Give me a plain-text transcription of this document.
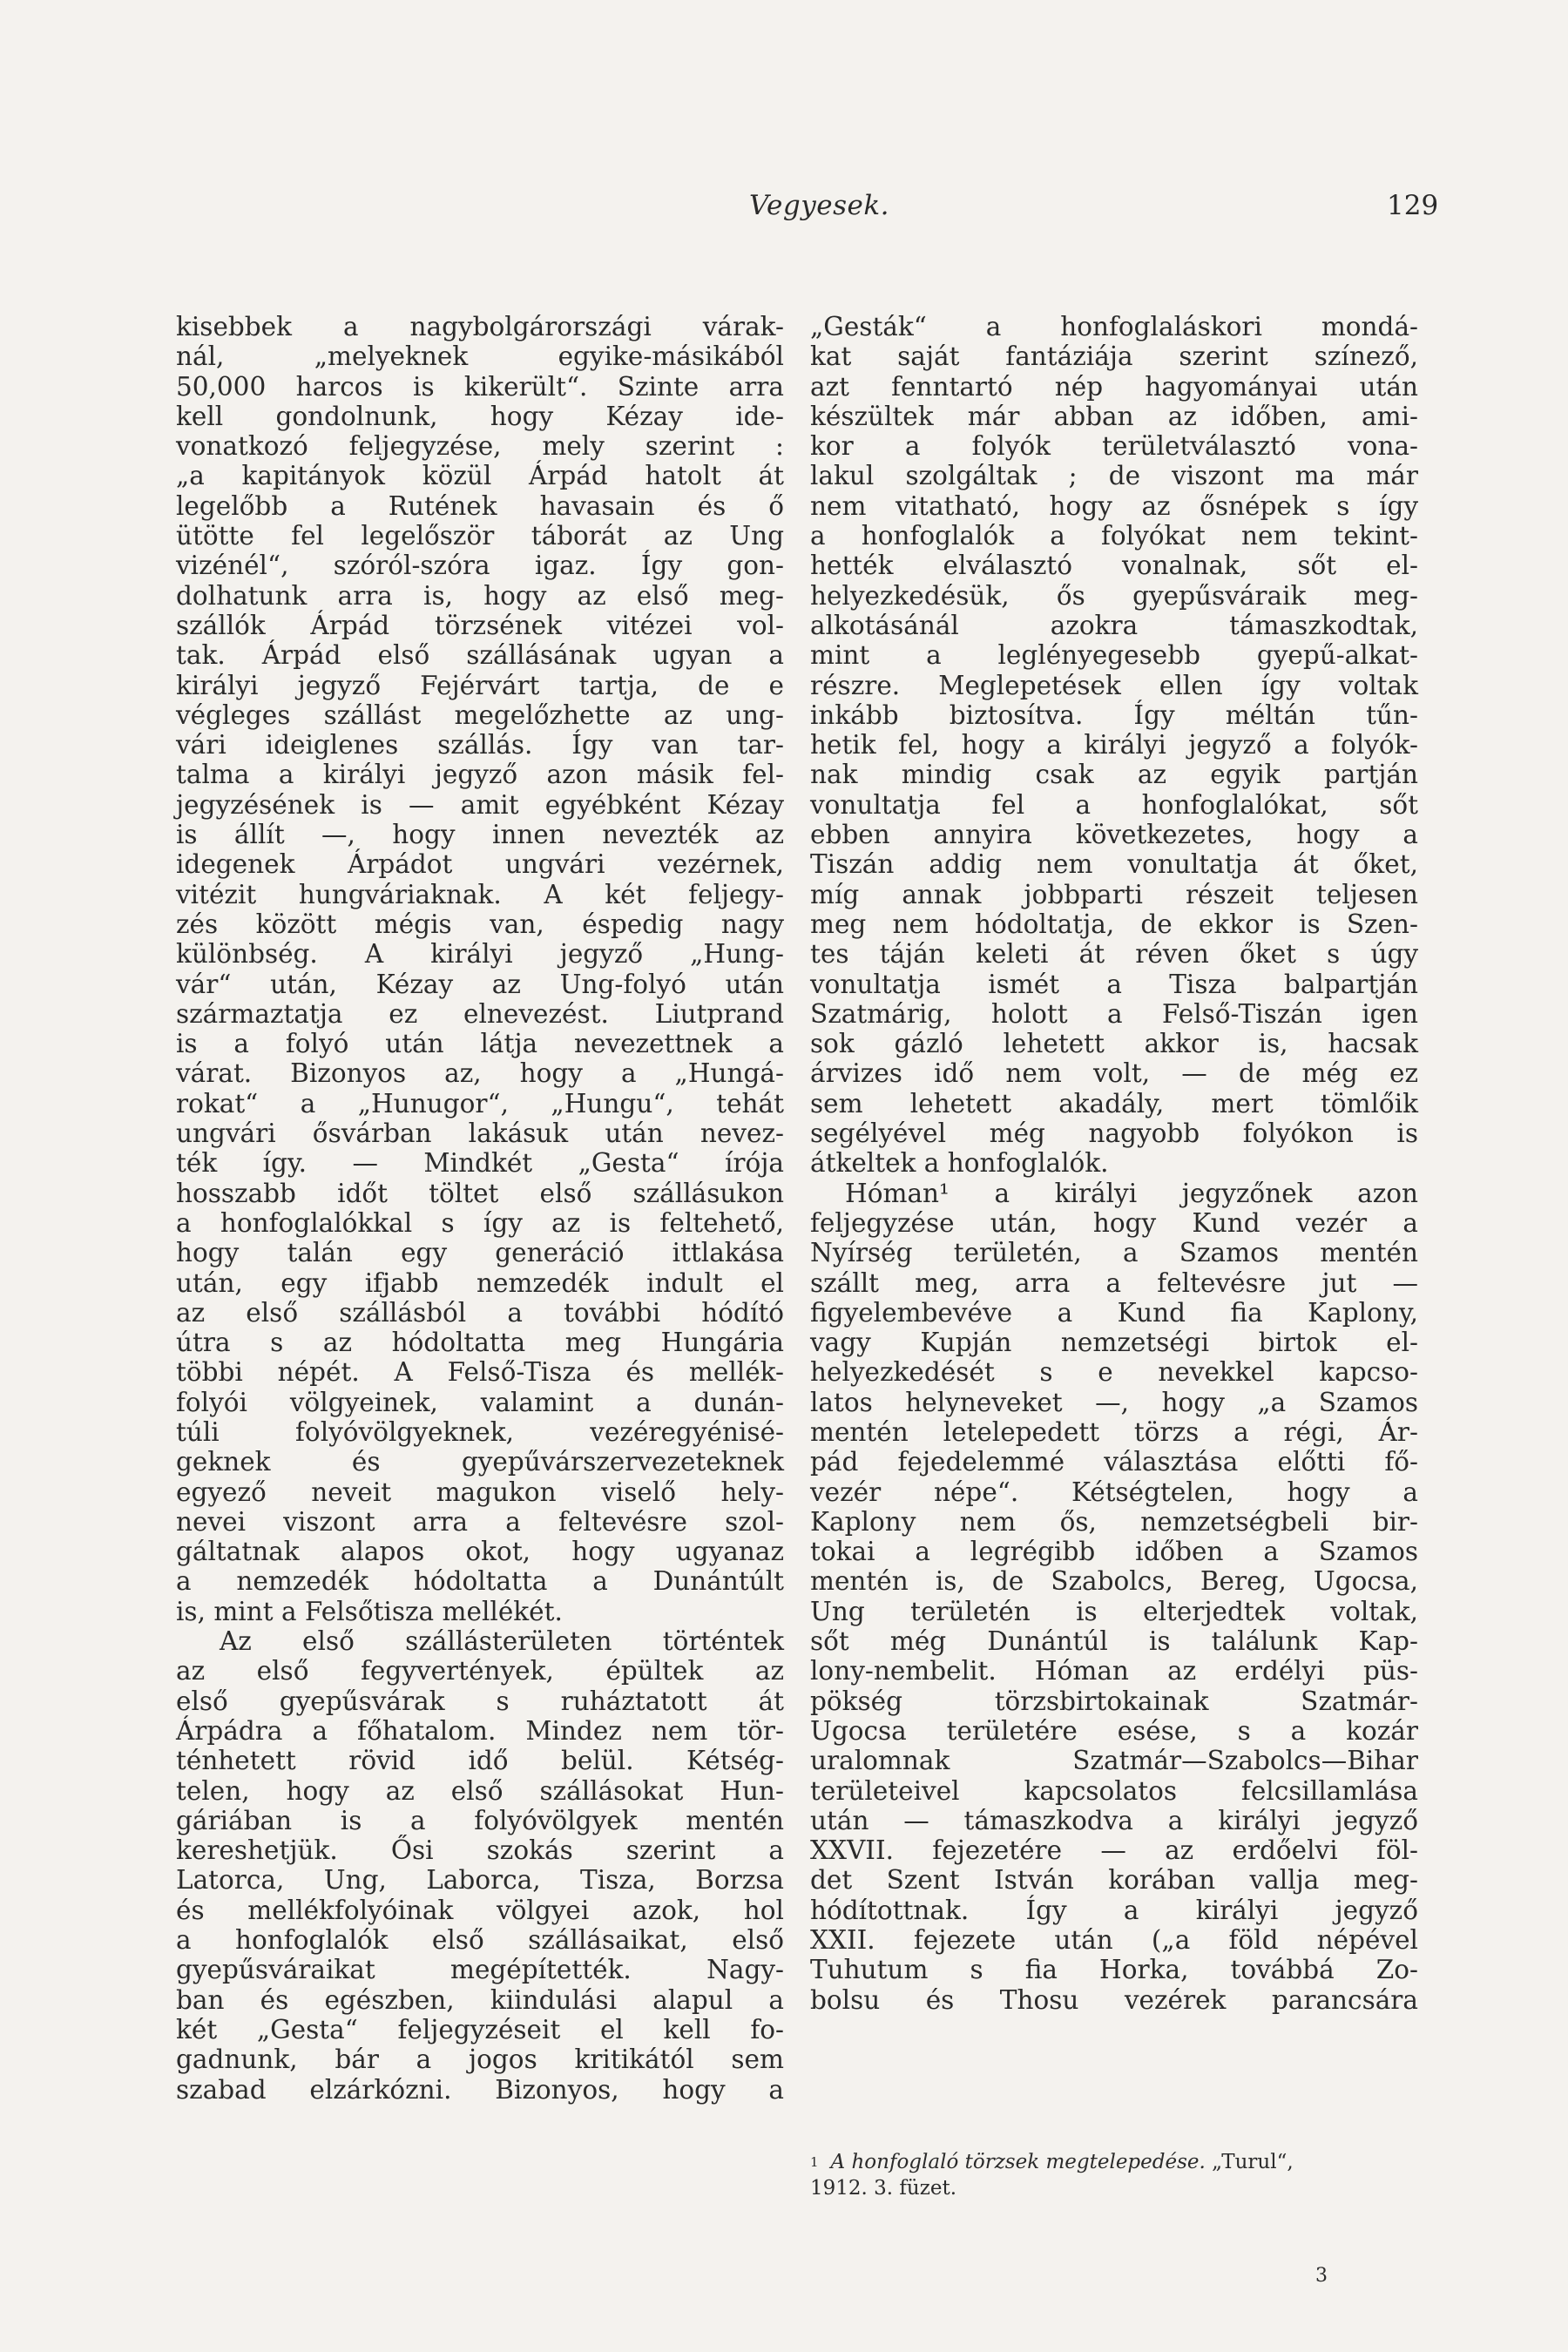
Vegyesek.	129
kisebbek a nagybolgárországi várak-
nál, „melyeknek egyike-másikából
50,000 harcos is kikerült“. Szinte arra
kell gondolnunk, hogy Kézay ide-
vonatkozó feljegyzése, mely szerint :
„a kapitányok közül Árpád hatolt át
legelőbb a Rutének havasain és ő
ütötte fel legelőször táborát az Ung
vizénél“, szóról-szóra igaz. Így gon-
dolhatunk arra is, hogy az első meg-
szállók Árpád törzsének vitézei vol-
tak. Árpád első szállásának ugyan a
királyi jegyző Fejérvárt tartja, de e
végleges szállást megelőzhette az ung-
vári ideiglenes szállás. Így van tar-
talma a királyi jegyző azon másik fel-
jegyzésének is — amit egyébként Kézay
is állít —, hogy innen nevezték az
idegenek Árpádot ungvári vezérnek,
vitézit hungváriaknak. A két feljegy-
zés között mégis van, éspedig nagy
különbség. A királyi jegyző „Hung-
vár“ után, Kézay az Ung-folyó után
származtatja ez elnevezést. Liutprand
is a folyó után látja nevezettnek a
várat. Bizonyos az, hogy a „Hungá-
rokat“ a „Hunugor“, „Hungu“, tehát
ungvári ősvárban lakásuk után nevez-
ték így. — Mindkét „Gesta“ írója
hosszabb időt töltet első szállásukon
a honfoglalókkal s így az is feltehető,
hogy talán egy generáció ittlakása
után, egy ifjabb nemzedék indult el
az első szállásból a további hódító
útra s az hódoltatta meg Hungária
többi népét. A Felső-Tisza és mellék-
folyói völgyeinek, valamint a dunán-
túli folyóvölgyeknek, vezéregyénisé-
geknek és gyepűvárszervezeteknek
egyező neveit magukon viselő hely-
nevei viszont arra a feltevésre szol-
gáltatnak alapos okot, hogy ugyanaz
a nemzedék hódoltatta a Dunántúlt
is, mint a Felsőtisza mellékét.
Az első szállásterületen történtek
az első fegyvertények, épültek az
első gyepűsvárak s ruháztatott át
Árpádra a főhatalom. Mindez nem tör-
ténhetett rövid idő belül. Kétség-
telen, hogy az első szállásokat Hun-
gáriában is a folyóvölgyek mentén
kereshetjük. Ősi szokás szerint a
Latorca, Ung, Laborca, Tisza, Borzsa
és mellékfolyóinak völgyei azok, hol
a honfoglalók első szállásaikat, első
gyepűsváraikat megépítették. Nagy-
ban és egészben, kiindulási alapul a
két „Gesta“ feljegyzéseit el kell fo-
gadnunk, bár a jogos kritikától sem
szabad elzárkózni. Bizonyos, hogy a
„Gesták“ a honfoglaláskori mondá-
kat saját fantáziája szerint színező,
azt fenntartó nép hagyományai után
készültek már abban az időben, ami-
kor a folyók területválasztó vona-
lakul szolgáltak ; de viszont ma már
nem vitatható, hogy az ősnépek s így
a honfoglalók a folyókat nem tekint-
hették elválasztó vonalnak, sőt el-
helyezkedésük, ős gyepűsváraik meg-
alkotásánál azokra támaszkodtak,
mint a leglényegesebb gyepű-alkat-
részre. Meglepetések ellen így voltak
inkább biztosítva. Így méltán tűn-
hetik fel, hogy a királyi jegyző a folyók-
nak mindig csak az egyik partján
vonultatja fel a honfoglalókat, sőt
ebben annyira következetes, hogy a
Tiszán addig nem vonultatja át őket,
míg annak jobbparti részeit teljesen
meg nem hódoltatja, de ekkor is Szen-
tes táján keleti át réven őket s úgy
vonultatja ismét a Tisza balpartján
Szatmárig, holott a Felső-Tiszán igen
sok gázló lehetett akkor is, hacsak
árvizes idő nem volt, — de még ez
sem lehetett akadály, mert tömlőik
segélyével még nagyobb folyókon is
átkeltek a honfoglalók.
Hóman¹ a királyi jegyzőnek azon
feljegyzése után, hogy Kund vezér a
Nyírség területén, a Szamos mentén
szállt meg, arra a feltevésre jut —
figyelembevéve a Kund fia Kaplony,
vagy Kupján nemzetségi birtok el-
helyezkedését s e nevekkel kapcso-
latos helyneveket —, hogy „a Szamos
mentén letelepedett törzs a régi, Ár-
pád fejedelemmé választása előtti fő-
vezér népe“. Kétségtelen, hogy a
Kaplony nem ős, nemzetségbeli bir-
tokai a legrégibb időben a Szamos
mentén is, de Szabolcs, Bereg, Ugocsa,
Ung területén is elterjedtek voltak,
sőt még Dunántúl is találunk Kap-
lony-nembelit. Hóman az erdélyi püs-
pökség törzsbirtokainak Szatmár-
Ugocsa területére esése, s a kozár
uralomnak Szatmár—Szabolcs—Bihar
területeivel kapcsolatos felcsillamlása
után — támaszkodva a királyi jegyző
XXVII. fejezetére — az erdőelvi föl-
det Szent István korában vallja meg-
hódítottnak. Így a királyi jegyző
XXII. fejezete után („a föld népével
Tuhutum s fia Horka, továbbá Zo-
bolsu és Thosu vezérek parancsára
$^1$ A honfoglaló törzsek megtelepedése. „Turul“,
1912. 3. füzet.
3
